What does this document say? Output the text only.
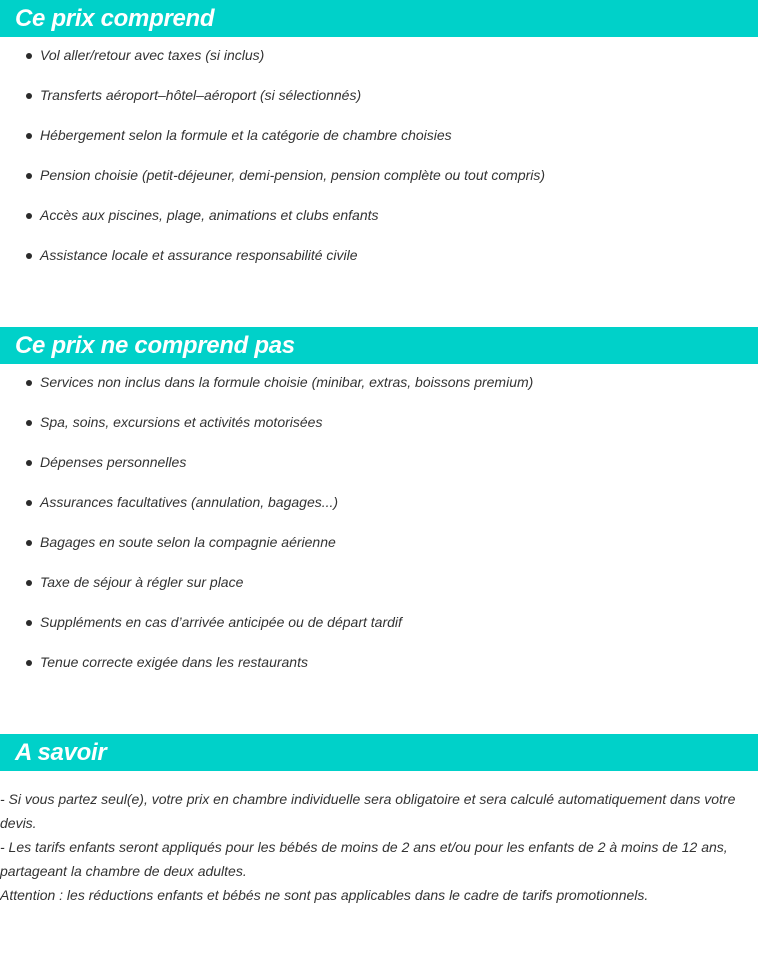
Ce prix comprend
Vol aller/retour avec taxes (si inclus)
Transferts aéroport–hôtel–aéroport (si sélectionnés)
Hébergement selon la formule et la catégorie de chambre choisies
Pension choisie (petit-déjeuner, demi-pension, pension complète ou tout compris)
Accès aux piscines, plage, animations et clubs enfants
Assistance locale et assurance responsabilité civile
Ce prix ne comprend pas
Services non inclus dans la formule choisie (minibar, extras, boissons premium)
Spa, soins, excursions et activités motorisées
Dépenses personnelles
Assurances facultatives (annulation, bagages...)
Bagages en soute selon la compagnie aérienne
Taxe de séjour à régler sur place
Suppléments en cas d’arrivée anticipée ou de départ tardif
Tenue correcte exigée dans les restaurants
A savoir

- Si vous partez seul(e), votre prix en chambre individuelle sera obligatoire et sera calculé automatiquement dans votre devis.

- Les tarifs enfants seront appliqués pour les bébés de moins de 2 ans et/ou pour les enfants de 2 à moins de 12 ans, partageant la chambre de deux adultes.

Attention : les réductions enfants et bébés ne sont pas applicables dans le cadre de tarifs promotionnels.
